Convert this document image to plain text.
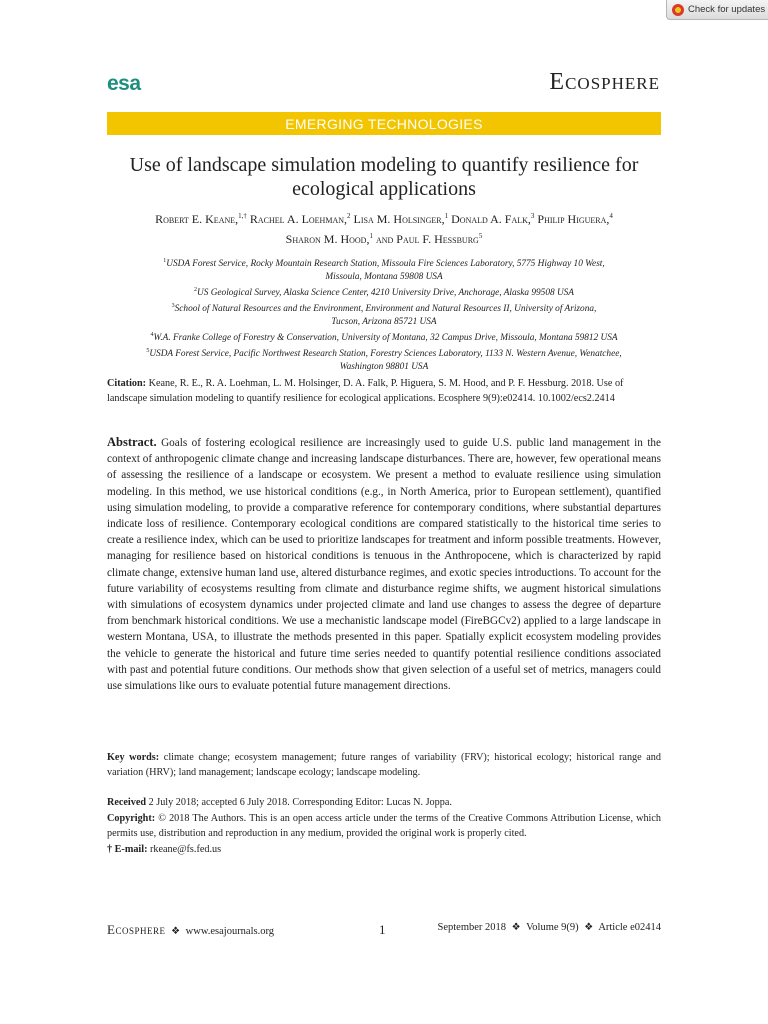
Check for updates
esa	Ecosphere
EMERGING TECHNOLOGIES
Use of landscape simulation modeling to quantify resilience for ecological applications
Robert E. Keane,$^{1,\dagger}$ Rachel A. Loehman,$^2$ Lisa M. Holsinger,$^1$ Donald A. Falk,$^3$ Philip Higuera,$^4$
Sharon M. Hood,$^1$ and Paul F. Hessburg$^5$
$^1$USDA Forest Service, Rocky Mountain Research Station, Missoula Fire Sciences Laboratory, 5775 Highway 10 West,
Missoula, Montana 59808 USA
$^2$US Geological Survey, Alaska Science Center, 4210 University Drive, Anchorage, Alaska 99508 USA
$^3$School of Natural Resources and the Environment, Environment and Natural Resources II, University of Arizona,
Tucson, Arizona 85721 USA
$^4$W.A. Franke College of Forestry & Conservation, University of Montana, 32 Campus Drive, Missoula, Montana 59812 USA
$^5$USDA Forest Service, Pacific Northwest Research Station, Forestry Sciences Laboratory, 1133 N. Western Avenue, Wenatchee,
Washington 98801 USA
Citation: Keane, R. E., R. A. Loehman, L. M. Holsinger, D. A. Falk, P. Higuera, S. M. Hood, and P. F. Hessburg. 2018. Use of landscape simulation modeling to quantify resilience for ecological applications. Ecosphere 9(9):e02414. 10.1002/ecs2.2414
Abstract. Goals of fostering ecological resilience are increasingly used to guide U.S. public land management in the context of anthropogenic climate change and increasing landscape disturbances. There are, however, few operational means of assessing the resilience of a landscape or ecosystem. We present a method to evaluate resilience using simulation modeling. In this method, we use historical conditions (e.g., in North America, prior to European settlement), quantified using simulation modeling, to provide a comparative reference for contemporary conditions, where substantial departures indicate loss of resilience. Contemporary ecological conditions are compared statistically to the historical time series to create a resilience index, which can be used to prioritize landscapes for treatment and inform possible treatments. However, managing for resilience based on historical conditions is tenuous in the Anthropocene, which is characterized by rapid climate change, extensive human land use, altered disturbance regimes, and exotic species introductions. To account for the future variability of ecosystems resulting from climate and disturbance regime shifts, we augment historical simulations with simulations of ecosystem dynamics under projected climate and land use changes to assess the degree of departure from benchmark historical conditions. We use a mechanistic landscape model (FireBGCv2) applied to a large landscape in western Montana, USA, to illustrate the methods presented in this paper. Spatially explicit ecosystem modeling provides the vehicle to generate the historical and future time series needed to quantify potential resilience conditions associated with past and potential future conditions. Our methods show that given selection of a useful set of metrics, managers could use simulations like ours to evaluate potential future management directions.
Key words: climate change; ecosystem management; future ranges of variability (FRV); historical ecology; historical range and variation (HRV); land management; landscape ecology; landscape modeling.
Received 2 July 2018; accepted 6 July 2018. Corresponding Editor: Lucas N. Joppa.
Copyright: © 2018 The Authors. This is an open access article under the terms of the Creative Commons Attribution License, which permits use, distribution and reproduction in any medium, provided the original work is properly cited.
† E-mail: rkeane@fs.fed.us
Ecosphere ❖ www.esajournals.org	1	September 2018 ❖ Volume 9(9) ❖ Article e02414
